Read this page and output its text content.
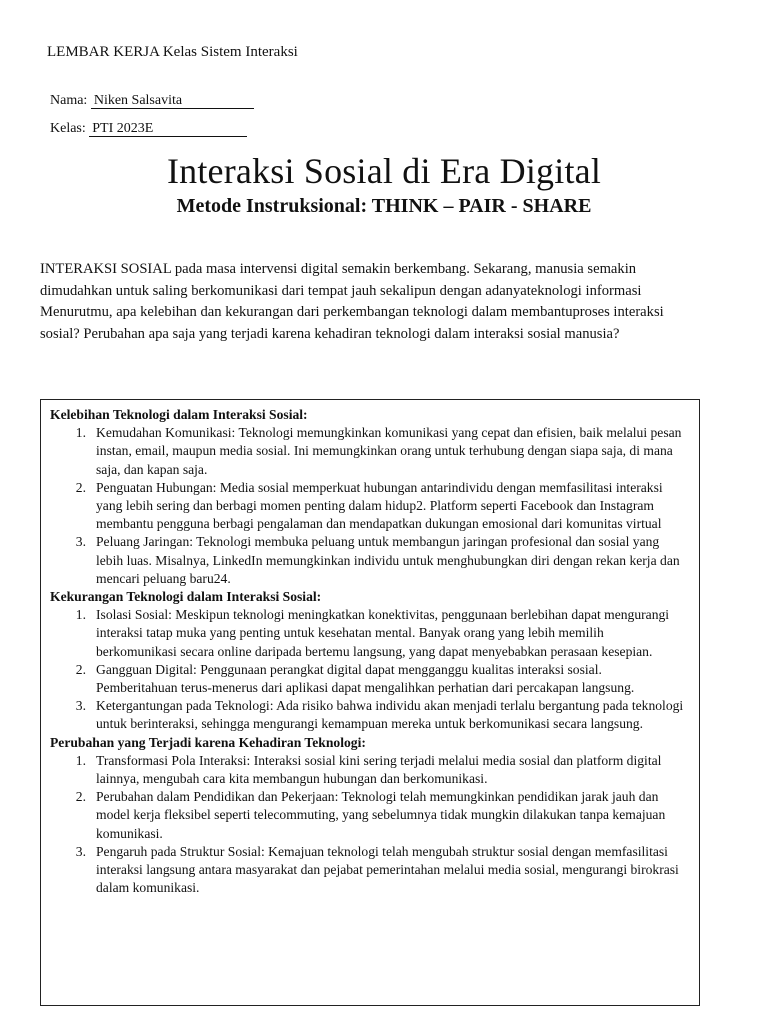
LEMBAR KERJA Kelas Sistem Interaksi
Nama: Niken Salsavita
Kelas: PTI 2023E
Interaksi Sosial di Era Digital
Metode Instruksional: THINK – PAIR - SHARE
INTERAKSI SOSIAL pada masa intervensi digital semakin berkembang. Sekarang, manusia semakin dimudahkan untuk saling berkomunikasi dari tempat jauh sekalipun dengan adanyateknologi informasi Menurutmu, apa kelebihan dan kekurangan dari perkembangan teknologi dalam membantuproses interaksi sosial? Perubahan apa saja yang terjadi karena kehadiran teknologi dalam interaksi sosial manusia?
Kelebihan Teknologi dalam Interaksi Sosial:
1. Kemudahan Komunikasi: Teknologi memungkinkan komunikasi yang cepat dan efisien, baik melalui pesan instan, email, maupun media sosial. Ini memungkinkan orang untuk terhubung dengan siapa saja, di mana saja, dan kapan saja.
2. Penguatan Hubungan: Media sosial memperkuat hubungan antarindividu dengan memfasilitasi interaksi yang lebih sering dan berbagi momen penting dalam hidup2. Platform seperti Facebook dan Instagram membantu pengguna berbagi pengalaman dan mendapatkan dukungan emosional dari komunitas virtual
3. Peluang Jaringan: Teknologi membuka peluang untuk membangun jaringan profesional dan sosial yang lebih luas. Misalnya, LinkedIn memungkinkan individu untuk menghubungkan diri dengan rekan kerja dan mencari peluang baru24.
Kekurangan Teknologi dalam Interaksi Sosial:
1. Isolasi Sosial: Meskipun teknologi meningkatkan konektivitas, penggunaan berlebihan dapat mengurangi interaksi tatap muka yang penting untuk kesehatan mental. Banyak orang yang lebih memilih berkomunikasi secara online daripada bertemu langsung, yang dapat menyebabkan perasaan kesepian.
2. Gangguan Digital: Penggunaan perangkat digital dapat mengganggu kualitas interaksi sosial. Pemberitahuan terus-menerus dari aplikasi dapat mengalihkan perhatian dari percakapan langsung.
3. Ketergantungan pada Teknologi: Ada risiko bahwa individu akan menjadi terlalu bergantung pada teknologi untuk berinteraksi, sehingga mengurangi kemampuan mereka untuk berkomunikasi secara langsung.
Perubahan yang Terjadi karena Kehadiran Teknologi:
1. Transformasi Pola Interaksi: Interaksi sosial kini sering terjadi melalui media sosial dan platform digital lainnya, mengubah cara kita membangun hubungan dan berkomunikasi.
2. Perubahan dalam Pendidikan dan Pekerjaan: Teknologi telah memungkinkan pendidikan jarak jauh dan model kerja fleksibel seperti telecommuting, yang sebelumnya tidak mungkin dilakukan tanpa kemajuan komunikasi.
3. Pengaruh pada Struktur Sosial: Kemajuan teknologi telah mengubah struktur sosial dengan memfasilitasi interaksi langsung antara masyarakat dan pejabat pemerintahan melalui media sosial, mengurangi birokrasi dalam komunikasi.
